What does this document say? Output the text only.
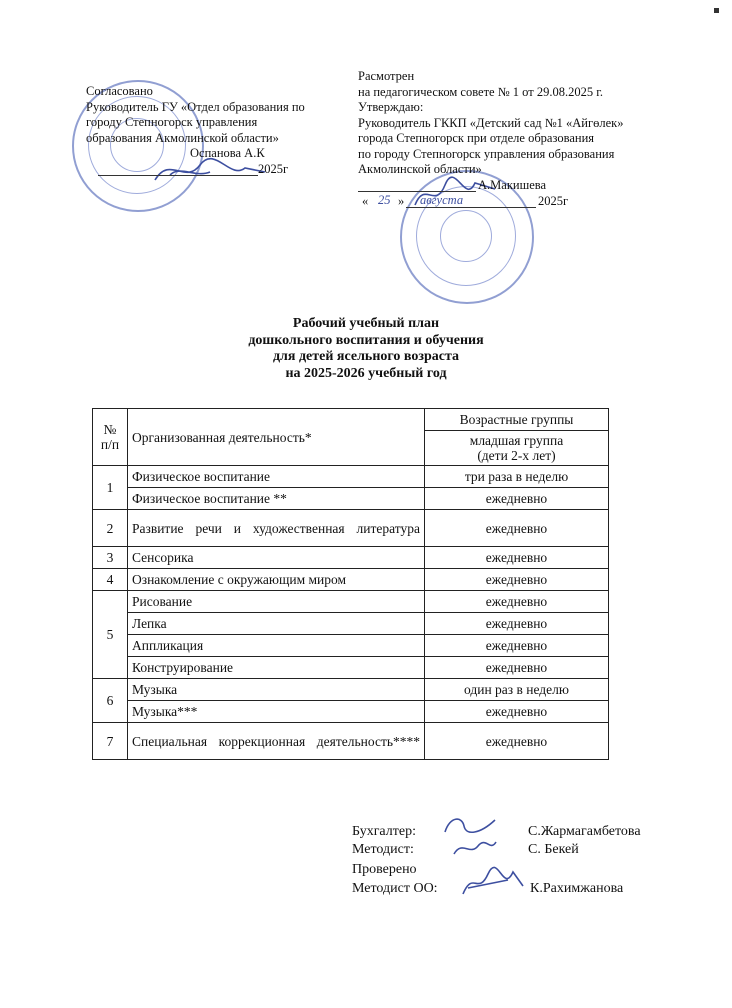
Согласовано
Руководитель ГУ «Отдел образования по
городу Степногорск управления
образования Акмолинской области»
Оспанова А.К
2025г
Расмотрен
на педагогическом совете № 1 от 29.08.2025 г.
Утверждаю:
Руководитель ГККП «Детский сад №1 «Айгөлек»
города Степногорск при отделе образования
по городу Степногорск управления образования
Акмолинской области»
А.Макишева
« 25 » августа	2025г
Рабочий учебный план
дошкольного воспитания и обучения
для детей ясельного возраста
на 2025-2026 учебный год
№ п/п	Организованная деятельность*	Возрастные группы

		младшая группа
(дети 2-х лет)

1	Физическое воспитание	три раза в неделю
	Физическое воспитание **	ежедневно
2	Развитие речи и художественная литература	ежедневно
3	Сенсорика	ежедневно
4	Ознакомление с окружающим миром	ежедневно
5	Рисование	ежедневно
	Лепка	ежедневно
	Аппликация	ежедневно
	Конструирование	ежедневно
6	Музыка	один раз в неделю
	Музыка***	ежедневно
7	Специальная коррекционная деятельность****	ежедневно
Бухгалтер:	С.Жармагамбетова
Методист:	С. Бекей
Проверено
Методист ОО:	К.Рахимжанова
